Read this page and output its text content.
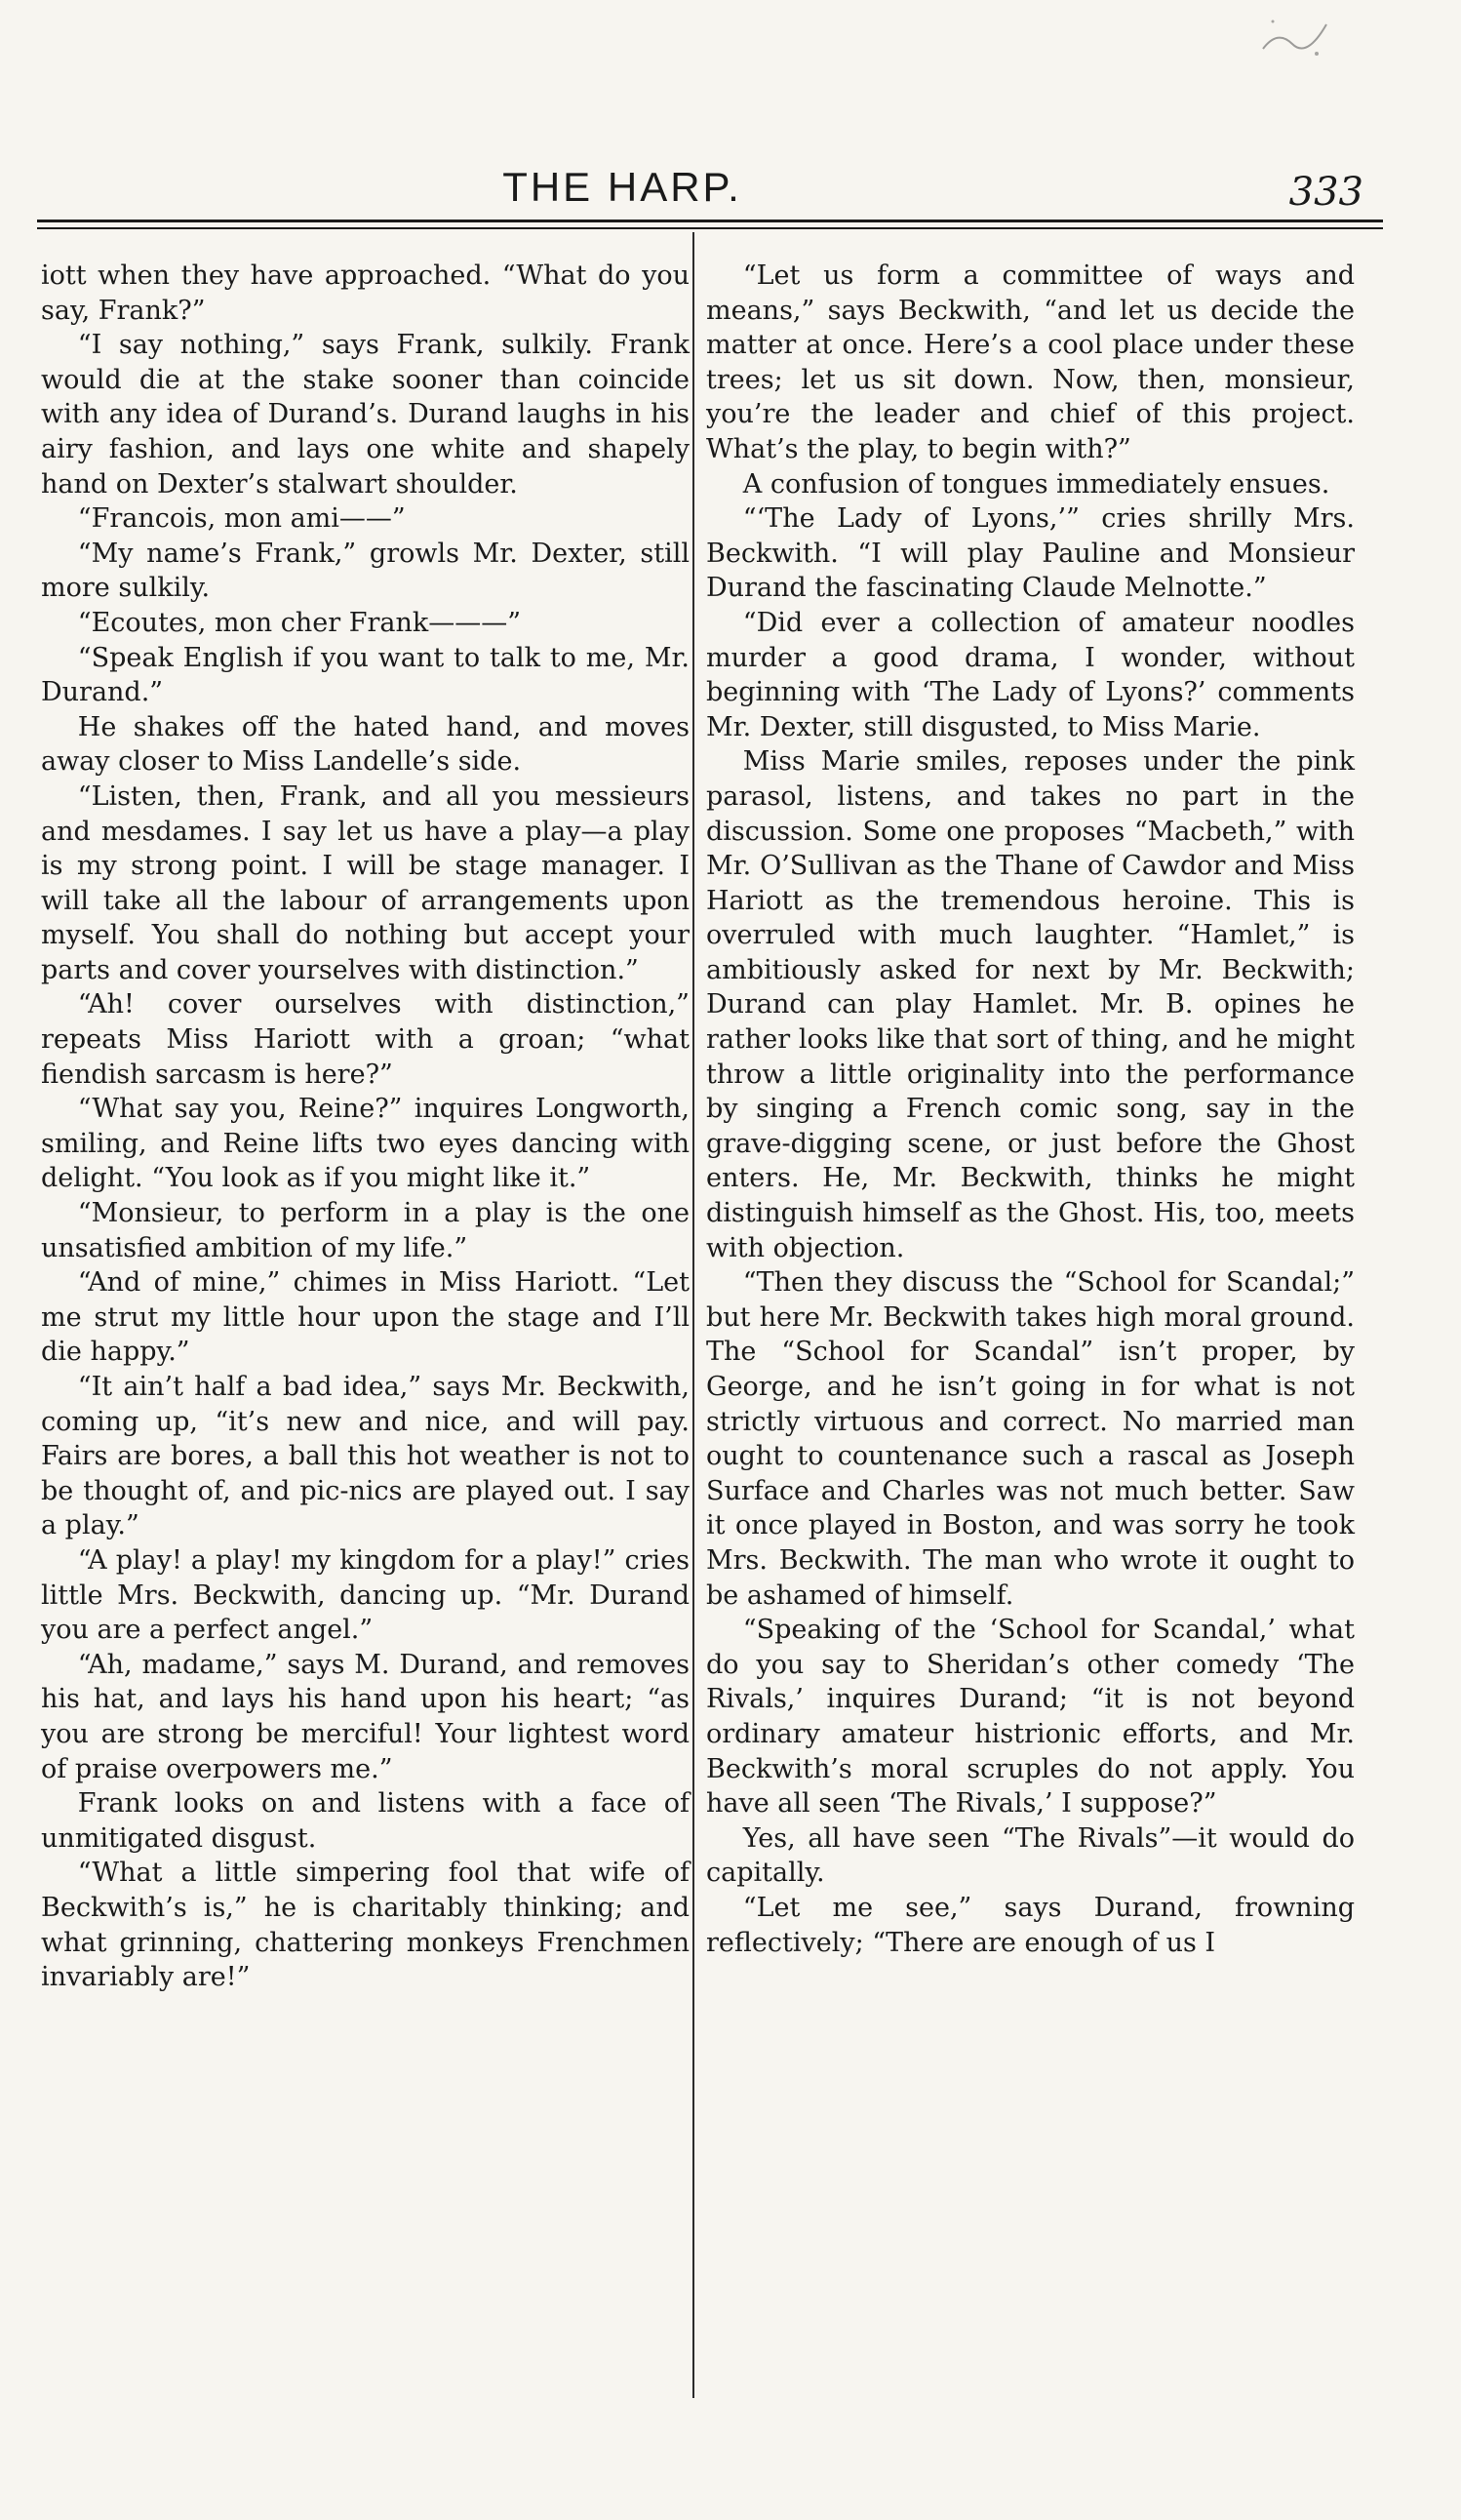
THE HARP.	333

iott when they have approached. “What do you say, Frank?”

“I say nothing,” says Frank, sulkily. Frank would die at the stake sooner than coincide with any idea of Durand’s. Durand laughs in his airy fashion, and lays one white and shapely hand on Dexter’s stalwart shoulder.

“Francois, mon ami——”

“My name’s Frank,” growls Mr. Dexter, still more sulkily.

“Ecoutes, mon cher Frank———”

“Speak English if you want to talk to me, Mr. Durand.”

He shakes off the hated hand, and moves away closer to Miss Landelle’s side.

“Listen, then, Frank, and all you messieurs and mesdames. I say let us have a play—a play is my strong point. I will be stage manager. I will take all the labour of arrangements upon myself. You shall do nothing but accept your parts and cover yourselves with distinction.”

“Ah! cover ourselves with distinction,” repeats Miss Hariott with a groan; “what fiendish sarcasm is here?”

“What say you, Reine?” inquires Longworth, smiling, and Reine lifts two eyes dancing with delight. “You look as if you might like it.”

“Monsieur, to perform in a play is the one unsatisfied ambition of my life.”

“And of mine,” chimes in Miss Hariott. “Let me strut my little hour upon the stage and I’ll die happy.”

“It ain’t half a bad idea,” says Mr. Beckwith, coming up, “it’s new and nice, and will pay. Fairs are bores, a ball this hot weather is not to be thought of, and pic-nics are played out. I say a play.”

“A play! a play! my kingdom for a play!” cries little Mrs. Beckwith, dancing up. “Mr. Durand you are a perfect angel.”

“Ah, madame,” says M. Durand, and removes his hat, and lays his hand upon his heart; “as you are strong be merciful! Your lightest word of praise overpowers me.”

Frank looks on and listens with a face of unmitigated disgust.

“What a little simpering fool that wife of Beckwith’s is,” he is charitably thinking; and what grinning, chattering monkeys Frenchmen invariably are!”

“Let us form a committee of ways and means,” says Beckwith, “and let us decide the matter at once. Here’s a cool place under these trees; let us sit down. Now, then, monsieur, you’re the leader and chief of this project. What’s the play, to begin with?”

A confusion of tongues immediately ensues.

“‘The Lady of Lyons,’” cries shrilly Mrs. Beckwith. “I will play Pauline and Monsieur Durand the fascinating Claude Melnotte.”

“Did ever a collection of amateur noodles murder a good drama, I wonder, without beginning with ‘The Lady of Lyons?’ comments Mr. Dexter, still disgusted, to Miss Marie.

Miss Marie smiles, reposes under the pink parasol, listens, and takes no part in the discussion. Some one proposes “Macbeth,” with Mr. O’Sullivan as the Thane of Cawdor and Miss Hariott as the tremendous heroine. This is overruled with much laughter. “Hamlet,” is ambitiously asked for next by Mr. Beckwith; Durand can play Hamlet. Mr. B. opines he rather looks like that sort of thing, and he might throw a little originality into the performance by singing a French comic song, say in the grave-digging scene, or just before the Ghost enters. He, Mr. Beckwith, thinks he might distinguish himself as the Ghost. His, too, meets with objection.

“Then they discuss the “School for Scandal;” but here Mr. Beckwith takes high moral ground. The “School for Scandal” isn’t proper, by George, and he isn’t going in for what is not strictly virtuous and correct. No married man ought to countenance such a rascal as Joseph Surface and Charles was not much better. Saw it once played in Boston, and was sorry he took Mrs. Beckwith. The man who wrote it ought to be ashamed of himself.

“Speaking of the ‘School for Scandal,’ what do you say to Sheridan’s other comedy ‘The Rivals,’ inquires Durand; “it is not beyond ordinary amateur histrionic efforts, and Mr. Beckwith’s moral scruples do not apply. You have all seen ‘The Rivals,’ I suppose?”

Yes, all have seen “The Rivals”—it would do capitally.

“Let me see,” says Durand, frowning reflectively; “There are enough of us I
